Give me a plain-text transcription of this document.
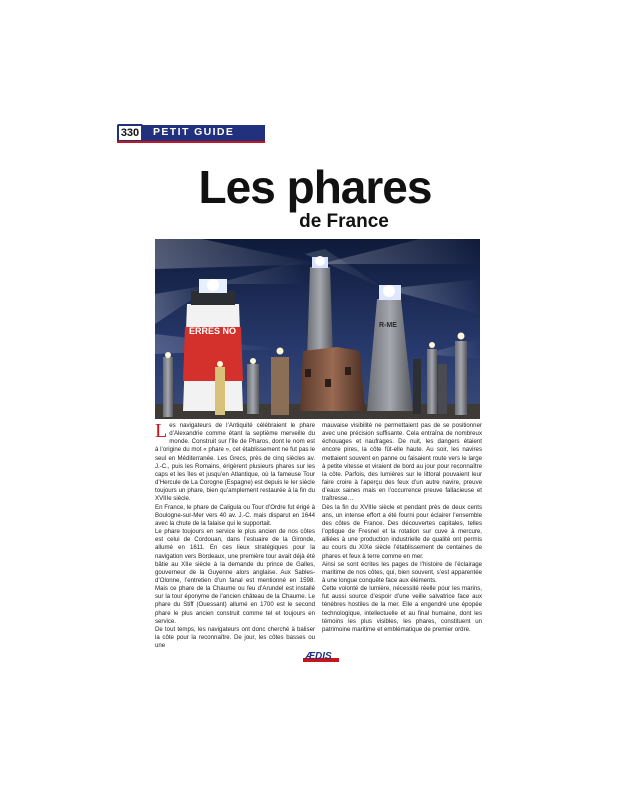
330	PETIT GUIDE
Les phares
de France
ERRES NO
R-ME
L es navigateurs de l’Antiquité célébraient le phare d’Alexandrie comme étant la septième merveille du monde. Construit sur l’île de Pharos, dont le nom est à l’origine du mot « phare », cet établissement ne fut pas le seul en Méditerranée. Les Grecs, près de cinq siècles av. J.-C., puis les Romains, érigèrent plusieurs phares sur les caps et les îles et jusqu’en Atlantique, où la fameuse Tour d’Hercule de La Corogne (Espagne) est depuis le Ier siècle toujours un phare, bien qu’amplement restaurée à la fin du XVIIIe siècle.

En France, le phare de Caligula ou Tour d’Ordre fut érigé à Boulogne-sur-Mer vers 40 av. J.-C. mais disparut en 1644 avec la chute de la falaise qui le supportait.

Le phare toujours en service le plus ancien de nos côtes est celui de Cordouan, dans l’estuaire de la Gironde, allumé en 1611. En ces lieux stratégiques pour la navigation vers Bordeaux, une première tour avait déjà été bâtie au XIIe siècle à la demande du prince de Galles, gouverneur de la Guyenne alors anglaise. Aux Sables-d’Olonne, l’entretien d’un fanal est mentionné en 1598. Mais ce phare de la Chaume ou feu d’Arundel est installé sur la tour éponyme de l’ancien château de la Chaume. Le phare du Stiff (Ouessant) allumé en 1700 est le second phare le plus ancien construit comme tel et toujours en service.

De tout temps, les navigateurs ont donc cherché à baliser la côte pour la reconnaître. De jour, les côtes basses ou une

mauvaise visibilité ne permettaient pas de se positionner avec une précision suffisante. Cela entraîna de nombreux échouages et naufrages. De nuit, les dangers étaient encore pires, la côte fût-elle haute. Au soir, les navires mettaient souvent en panne ou faisaient route vers le large à petite vitesse et viraient de bord au jour pour reconnaître la côte. Parfois, des lumières sur le littoral pouvaient leur faire croire à l’aperçu des feux d’un autre navire, preuve d’eaux saines mais en l’occurrence preuve fallacieuse et traîtresse…

Dès la fin du XVIIIe siècle et pendant près de deux cents ans, un intense effort a été fourni pour éclairer l’ensemble des côtes de France. Des découvertes capitales, telles l’optique de Fresnel et la rotation sur cuve à mercure, alliées à une production industrielle de qualité ont permis au cours du XIXe siècle l’établissement de centaines de phares et feux à terre comme en mer.

Ainsi se sont écrites les pages de l’histoire de l’éclairage maritime de nos côtes, qui, bien souvent, s’est apparentée à une longue conquête face aux éléments.

Cette volonté de lumière, nécessité réelle pour les marins, fut aussi source d’espoir d’une veille salvatrice face aux ténèbres hostiles de la mer. Elle a engendré une épopée technologique, intellectuelle et au final humaine, dont les témoins les plus visibles, les phares, constituent un patrimoine maritime et emblématique de premier ordre.

ÆDIS
